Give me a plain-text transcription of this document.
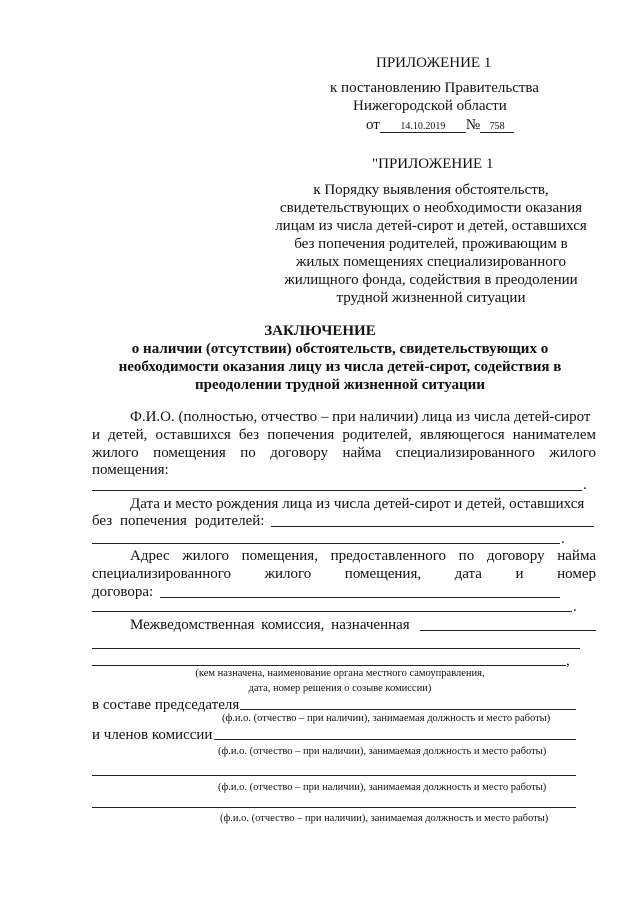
ПРИЛОЖЕНИЕ 1
к постановлению Правительства
Нижегородской области
от 14.10.2019 № 758
"ПРИЛОЖЕНИЕ 1
к Порядку выявления обстоятельств,
свидетельствующих о необходимости оказания
лицам из числа детей-сирот и детей, оставшихся
без попечения родителей, проживающим в
жилых помещениях специализированного
жилищного фонда, содействия в преодолении
трудной жизненной ситуации
ЗАКЛЮЧЕНИЕ
о наличии (отсутствии) обстоятельств, свидетельствующих о
необходимости оказания лицу из числа детей-сирот, содействия в
преодолении трудной жизненной ситуации
Ф.И.О. (полностью, отчество – при наличии) лица из числа детей-сирот
и детей, оставшихся без попечения родителей, являющегося нанимателем
жилого помещения по договору найма специализированного жилого
помещения:
.
Дата и место рождения лица из числа детей-сирот и детей, оставшихся
без попечения родителей:
.
Адрес жилого помещения, предоставленного по договору найма
специализированного жилого помещения, дата и номер
договора:
.
Межведомственная комиссия, назначенная
,
(кем назначена, наименование органа местного самоуправления,
дата, номер решения о созыве комиссии)
в составе председателя
(ф.и.о. (отчество – при наличии), занимаемая должность и место работы)
и членов комиссии
(ф.и.о. (отчество – при наличии), занимаемая должность и место работы)
(ф.и.о. (отчество – при наличии), занимаемая должность и место работы)
(ф.и.о. (отчество – при наличии), занимаемая должность и место работы)
